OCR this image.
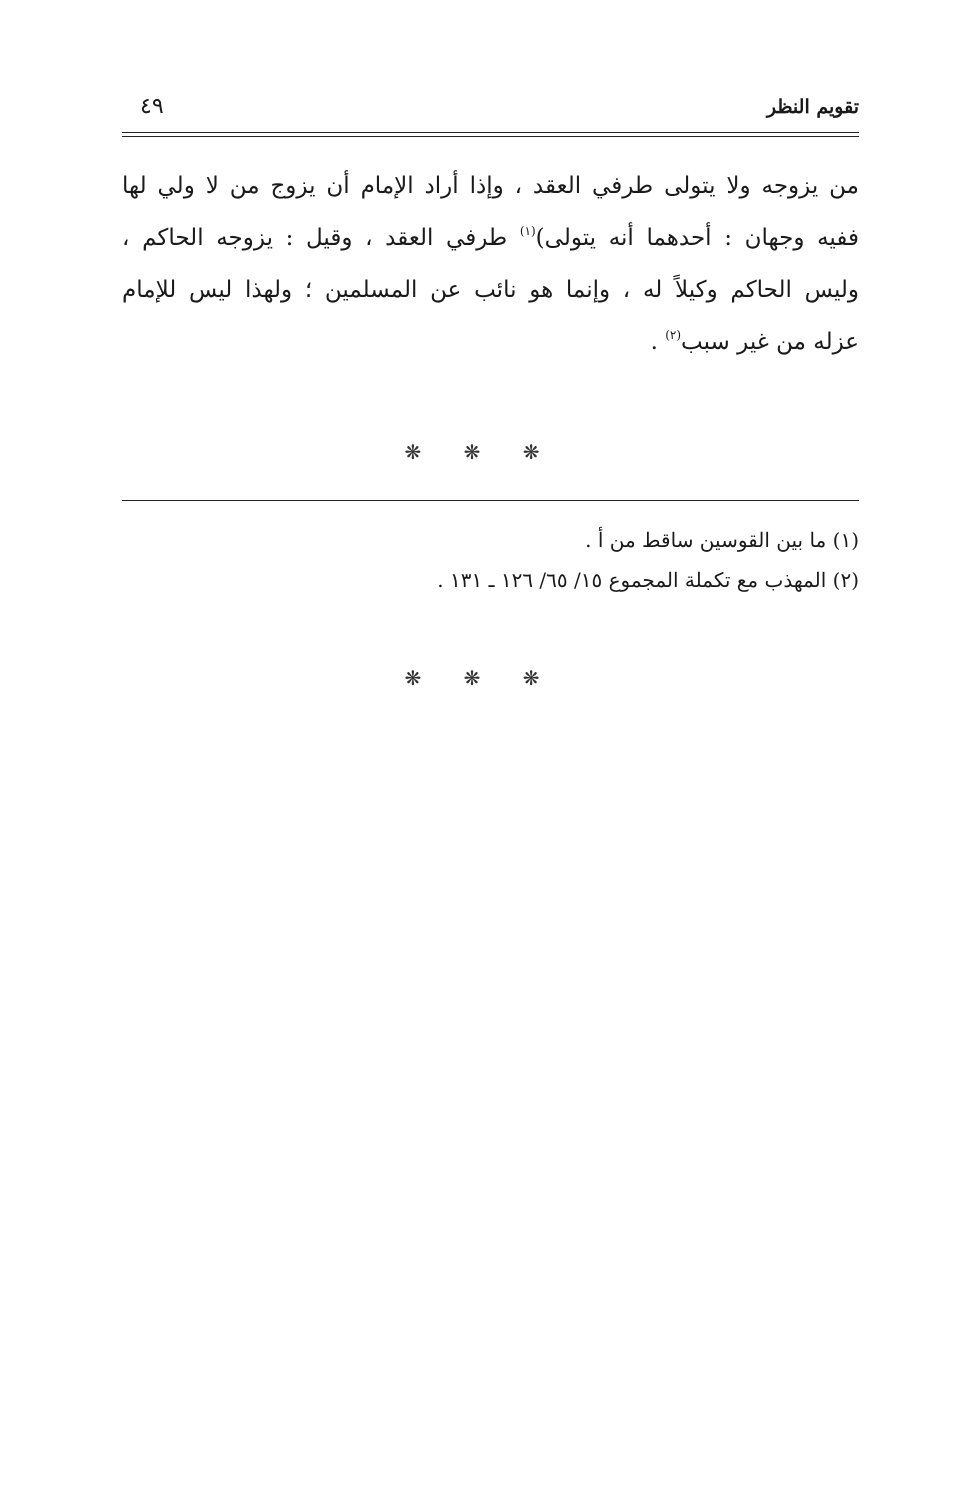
تقويم النظر
٤٩
من يزوجه ولا يتولى طرفي العقد ، وإذا أراد الإمام أن يزوج من لا ولي لها
ففيه وجهان : أحدهما أنه يتولى)$^{(١)}$ طرفي العقد ، وقيل : يزوجه الحاكم ،
وليس الحاكم وكيلاً له ، وإنما هو نائب عن المسلمين ؛ ولهذا ليس للإمام
عزله من غير سبب$^{(٢)}$ .
❋ ❋ ❋
(١) ما بين القوسين ساقط من أ .
(٢) المهذب مع تكملة المجموع ١٥/ ٦٥/ ١٢٦ ـ ١٣١ .
❋ ❋ ❋
